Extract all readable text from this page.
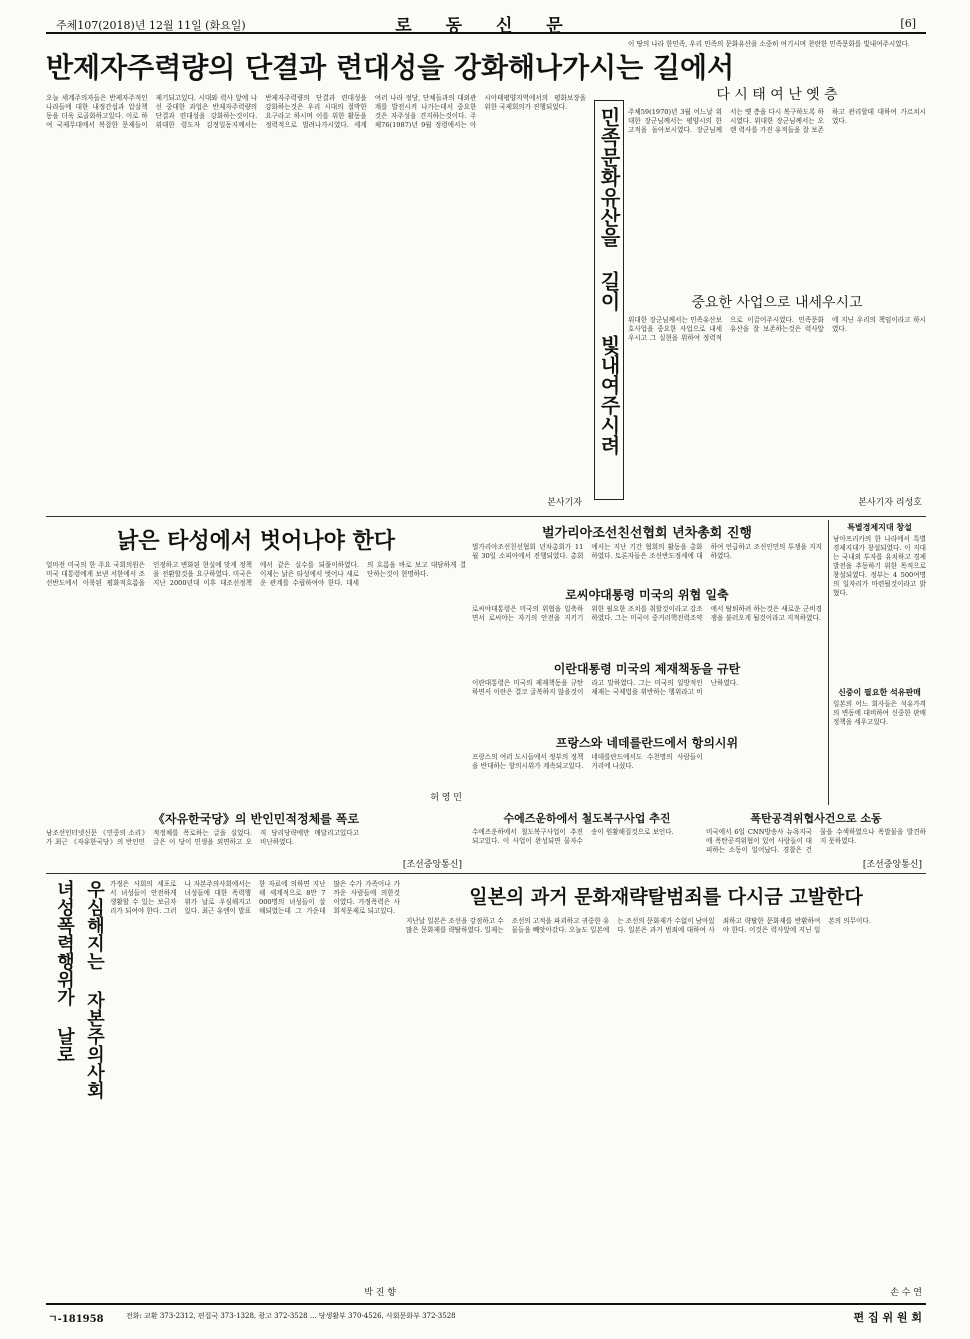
주체107(2018)년 12월 11일 (화요일)	로 동 신 문	[6]
반제자주력량의 단결과 련대성을 강화해나가시는 길에서
오늘 세계주의자들은 반제자주적인 나라들에 대한 내정간섭과 압살책동을 더욱 로골화하고있다. 이로 하여 국제무대에서 복잡한 문제들이 제기되고있다. 시대와 력사 앞에 나선 중대한 과업은 반제자주력량의 단결과 련대성을 강화하는것이다. 위대한 령도자 김정일동지께서는 반제자주력량의 단결과 련대성을 강화하는것은 우리 시대의 절박한 요구라고 하시며 이를 위한 활동을 정력적으로 벌려나가시였다. 세계 여러 나라 정당, 단체들과의 대외관계를 발전시켜 나가는데서 중요한것은 자주성을 견지하는것이다. 주체76(1987)년 9월 정령에서는 아시아태평양지역에서의 평화보장을 위한 국제회의가 진행되었다.
본사기자
민족문화유산을 길이 빛내여주시려
이 땅의 나라 한민족, 우리 민족의 문화유산을 소중히 여기시며 찬란한 민족문화를 빛내여주시였다.
다 시 태 여 난 옛 층
주체59(1970)년 3월 어느날 위대한 장군님께서는 평양시의 한 고적을 돌아보시였다. 장군님께서는 옛 층을 다시 복구하도록 하시였다. 위대한 장군님께서는 오랜 력사를 가진 유적들을 잘 보존하고 관리할데 대하여 가르치시였다.
중요한 사업으로 내세우시고
위대한 장군님께서는 민족유산보호사업을 중요한 사업으로 내세우시고 그 실현을 위하여 정력적으로 이끌어주시였다. 민족문화유산을 잘 보존하는것은 력사앞에 지닌 우리의 책임이라고 하시였다.
본사기자 리성호
낡은 타성에서 벗어나야 한다
얼마전 미국의 한 주요 국회의원은 미국 대통령에게 보낸 서한에서 조선반도에서 이룩된 평화적흐름을 인정하고 변화된 현실에 맞게 정책을 전환할것을 요구하였다. 미국은 지난 2000년대 이후 대조선정책에서 같은 실수를 되풀이하였다. 이제는 낡은 타성에서 벗어나 새로운 관계를 수립하여야 한다. 대세의 흐름을 바로 보고 대담하게 결단하는것이 현명하다.
허 영 민
벌가리아조선친선협회 년차총회 진행
벌가리아조선친선협회 년차총회가 11월 30일 소피아에서 진행되였다. 총회에서는 지난 기간 협회의 활동을 총화하였다. 토론자들은 조선반도정세에 대하여 언급하고 조선인민의 투쟁을 지지하였다.
로씨야대통령 미국의 위협 일축
로씨야대통령은 미국의 위협을 일축하면서 로씨야는 자기의 안전을 지키기 위한 필요한 조치를 취할것이라고 강조하였다. 그는 미국이 중거리핵전력조약에서 탈퇴하려 하는것은 새로운 군비경쟁을 불러오게 될것이라고 지적하였다.
이란대통령 미국의 제재책동을 규탄
이란대통령은 미국의 제재책동을 규탄하면서 이란은 결코 굴복하지 않을것이라고 말하였다. 그는 미국의 일방적인 제재는 국제법을 위반하는 행위라고 비난하였다.
프랑스와 네데를란드에서 항의시위
프랑스의 여러 도시들에서 정부의 정책을 반대하는 항의시위가 계속되고있다. 네데를란드에서도 수천명의 사람들이 거리에 나섰다.
특별경제지대 창설
남아프리카의 한 나라에서 특별경제지대가 창설되였다. 이 지대는 국내외 투자를 유치하고 경제발전을 추동하기 위한 목적으로 창설되였다. 정부는 4 500여명의 일자리가 마련될것이라고 밝혔다.
신중이 필요한 석유판매
일본의 어느 회사들은 석유가격의 변동에 대비하여 신중한 판매정책을 세우고있다.
《자유한국당》의 반인민적정체를 폭로
남조선인터넷신문 《민중의 소리》가 최근 《자유한국당》의 반인민적정체를 폭로하는 글을 실었다. 글은 이 당이 민생을 외면하고 오직 당리당략에만 매달리고있다고 비난하였다.
[조선중앙통신]
수에즈운하에서 철도복구사업 추진
수에즈운하에서 철도복구사업이 추진되고있다. 이 사업이 완성되면 물자수송이 원활해질것으로 보인다.
폭탄공격위협사건으로 소동
미국에서 6일 CNN방송사 뉴욕지국에 폭탄공격위협이 있어 사람들이 대피하는 소동이 일어났다. 경찰은 건물을 수색하였으나 폭발물을 발견하지 못하였다.
[조선중앙통신]
녀성폭력행위가 날로 우심해지는 자본주의사회 가정은 사회의 세포로서 녀성들이 안전하게 생활할 수 있는 보금자리가 되여야 한다. 그러나 자본주의사회에서는 녀성들에 대한 폭력행위가 날로 우심해지고있다. 최근 유엔이 발표한 자료에 의하면 지난해 세계적으로 8만 7 000명의 녀성들이 살해되였는데 그 가운데 많은 수가 가족이나 가까운 사람들에 의한것이였다. 가정폭력은 사회적문제로 되고있다.
박 진 향
일본의 과거 문화재략탈범죄를 다시금 고발한다
지난날 일본은 조선을 강점하고 수많은 문화재를 략탈하였다. 일제는 조선의 고적을 파괴하고 귀중한 유물들을 빼앗아갔다. 오늘도 일본에는 조선의 문화재가 수없이 남아있다. 일본은 과거 범죄에 대하여 사죄하고 략탈한 문화재를 반환하여야 한다. 이것은 력사앞에 지닌 일본의 의무이다.
손 수 연
ㄱ-181958	전화: 교환 373-2312, 편집국 373-1328, 광고 372-3528 ... 당생활부 370-4526, 사회문화부 372-3528	편 집 위 원 회
